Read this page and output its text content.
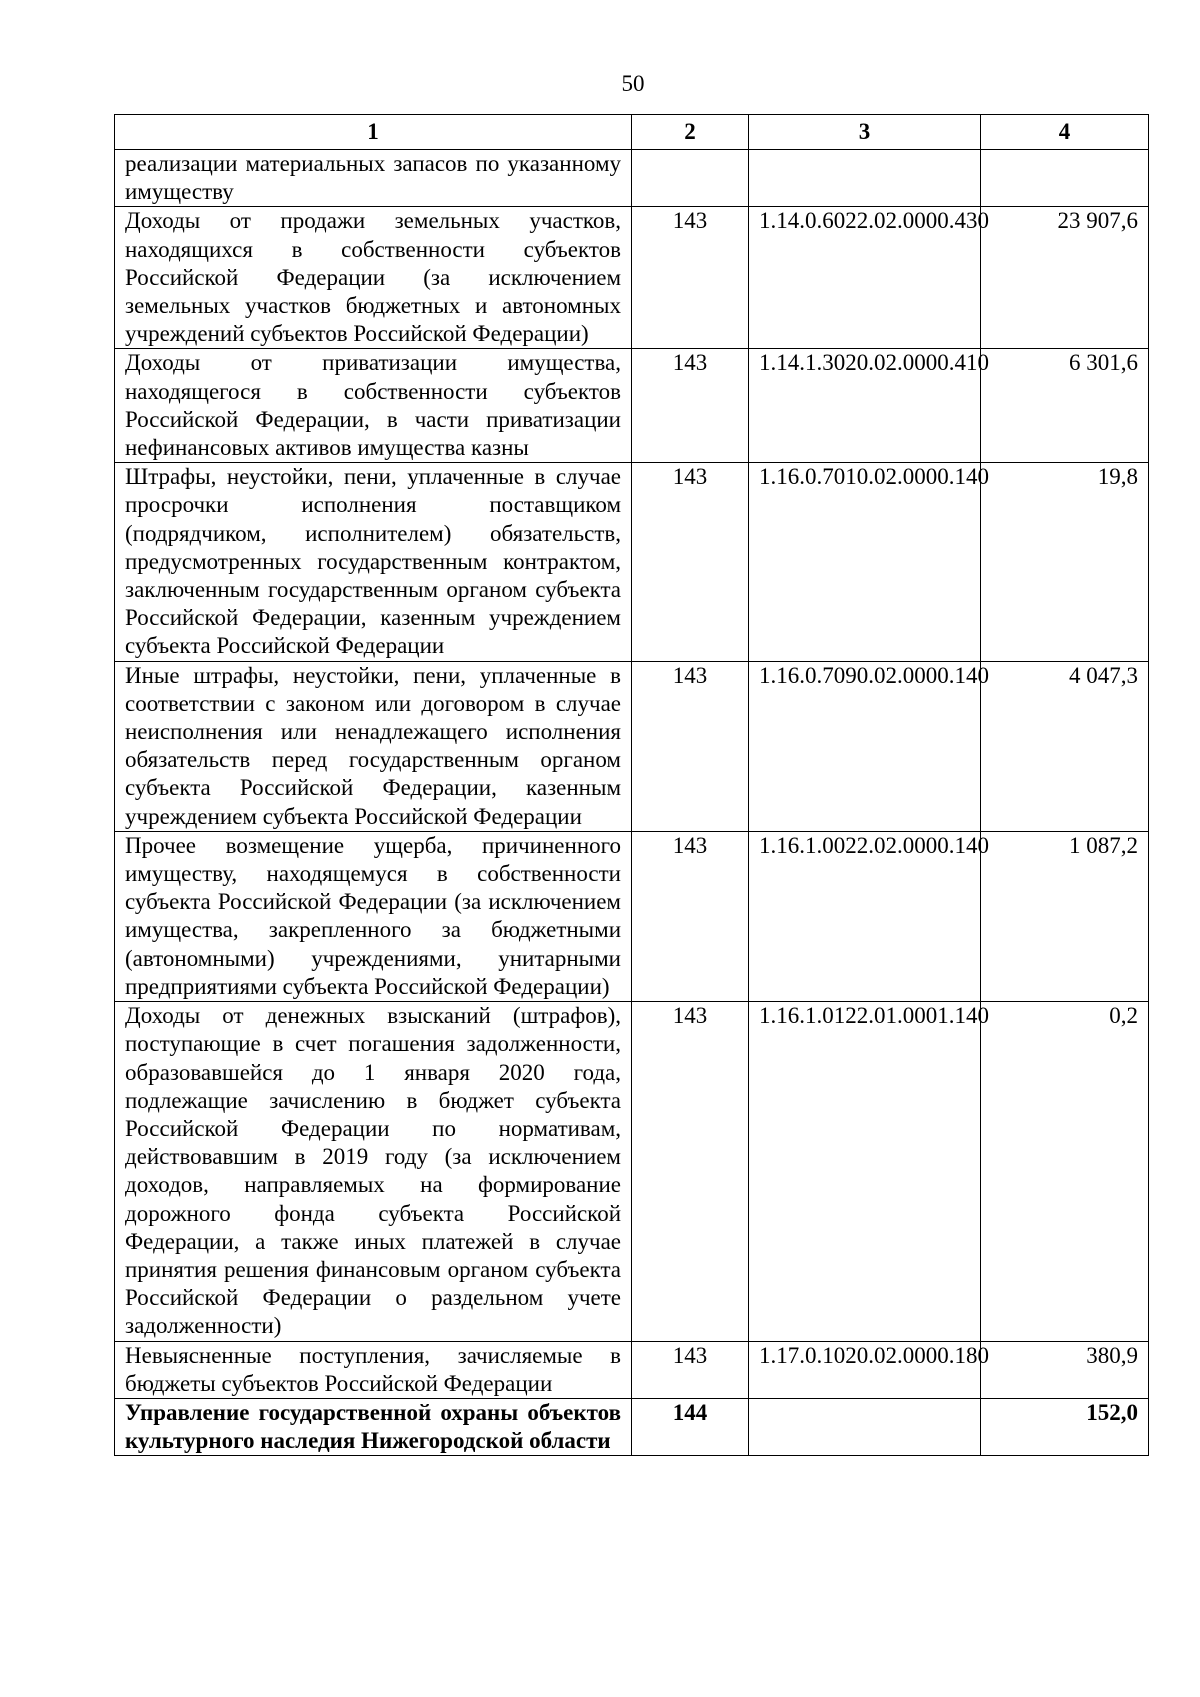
50
1	2	3	4
реализации материальных запасов по указанному имуществу			
Доходы от продажи земельных участков, находящихся в собственности субъектов Российской Федерации (за исключением земельных участков бюджетных и автономных учреждений субъектов Российской Федерации)	143	1.14.0.6022.02.0000.430	23 907,6
Доходы от приватизации имущества, находящегося в собственности субъектов Российской Федерации, в части приватизации нефинансовых активов имущества казны	143	1.14.1.3020.02.0000.410	6 301,6
Штрафы, неустойки, пени, уплаченные в случае просрочки исполнения поставщиком (подрядчиком, исполнителем) обязательств, предусмотренных государственным контрактом, заключенным государственным органом субъекта Российской Федерации, казенным учреждением субъекта Российской Федерации	143	1.16.0.7010.02.0000.140	19,8
Иные штрафы, неустойки, пени, уплаченные в соответствии с законом или договором в случае неисполнения или ненадлежащего исполнения обязательств перед государственным органом субъекта Российской Федерации, казенным учреждением субъекта Российской Федерации	143	1.16.0.7090.02.0000.140	4 047,3
Прочее возмещение ущерба, причиненного имуществу, находящемуся в собственности субъекта Российской Федерации (за исключением имущества, закрепленного за бюджетными (автономными) учреждениями, унитарными предприятиями субъекта Российской Федерации)	143	1.16.1.0022.02.0000.140	1 087,2
Доходы от денежных взысканий (штрафов), поступающие в счет погашения задолженности, образовавшейся до 1 января 2020 года, подлежащие зачислению в бюджет субъекта Российской Федерации по нормативам, действовавшим в 2019 году (за исключением доходов, направляемых на формирование дорожного фонда субъекта Российской Федерации, а также иных платежей в случае принятия решения финансовым органом субъекта Российской Федерации о раздельном учете задолженности)	143	1.16.1.0122.01.0001.140	0,2
Невыясненные поступления, зачисляемые в бюджеты субъектов Российской Федерации	143	1.17.0.1020.02.0000.180	380,9
Управление государственной охраны объектов культурного наследия Нижегородской области	144		152,0
